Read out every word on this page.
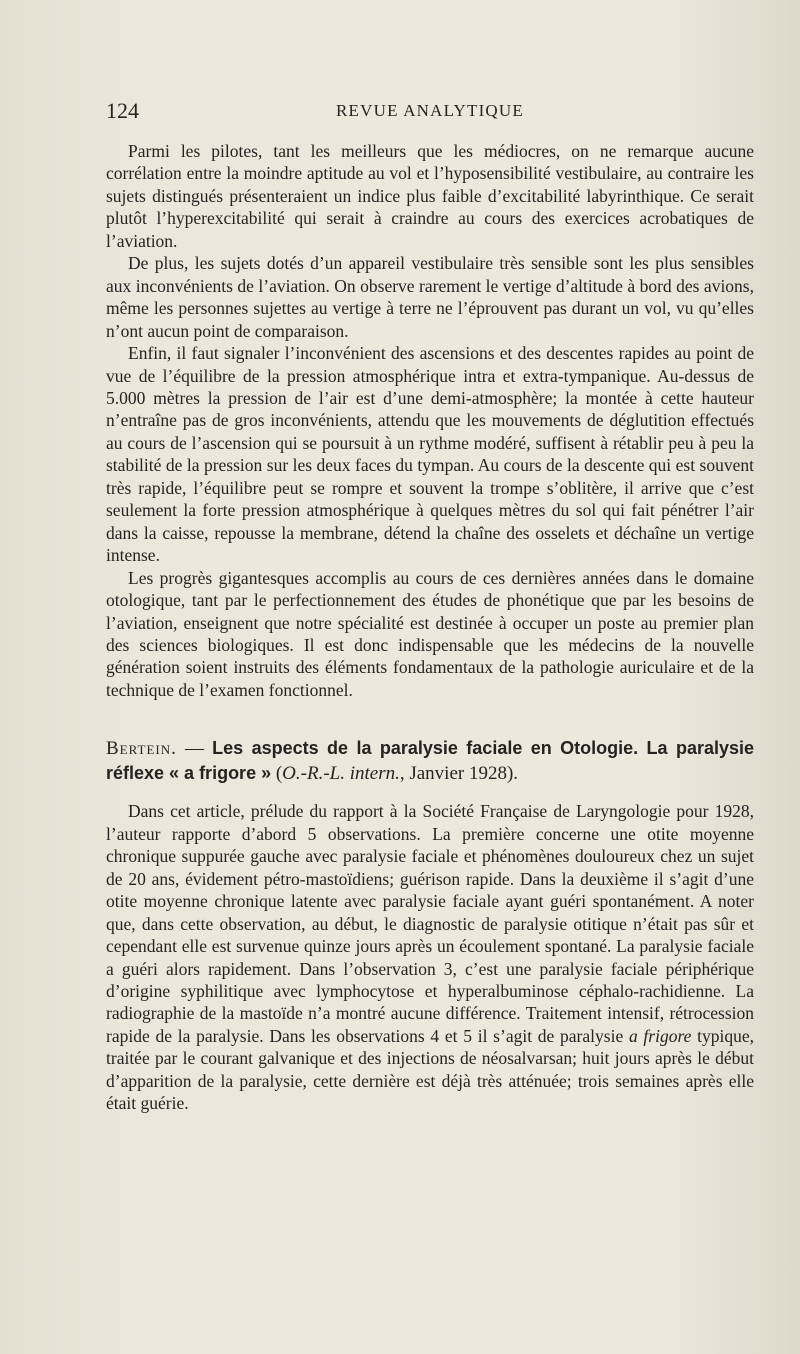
124	REVUE ANALYTIQUE

Parmi les pilotes, tant les meilleurs que les médiocres, on ne remarque aucune corrélation entre la moindre aptitude au vol et l’hyposensibilité vestibulaire, au contraire les sujets distingués présenteraient un indice plus faible d’excitabilité labyrinthique. Ce serait plutôt l’hyperexcitabilité qui serait à craindre au cours des exercices acrobatiques de l’aviation.

De plus, les sujets dotés d’un appareil vestibulaire très sensible sont les plus sensibles aux inconvénients de l’aviation. On observe rarement le vertige d’altitude à bord des avions, même les personnes sujettes au vertige à terre ne l’éprouvent pas durant un vol, vu qu’elles n’ont aucun point de comparaison.

Enfin, il faut signaler l’inconvénient des ascensions et des descentes rapides au point de vue de l’équilibre de la pression atmosphérique intra et extra-tympanique. Au-dessus de 5.000 mètres la pression de l’air est d’une demi-atmosphère; la montée à cette hauteur n’entraîne pas de gros inconvénients, attendu que les mouvements de déglutition effectués au cours de l’ascension qui se poursuit à un rythme modéré, suffisent à rétablir peu à peu la stabilité de la pression sur les deux faces du tympan. Au cours de la descente qui est souvent très rapide, l’équilibre peut se rompre et souvent la trompe s’oblitère, il arrive que c’est seulement la forte pression atmosphérique à quelques mètres du sol qui fait pénétrer l’air dans la caisse, repousse la membrane, détend la chaîne des osselets et déchaîne un vertige intense.

Les progrès gigantesques accomplis au cours de ces dernières années dans le domaine otologique, tant par le perfectionnement des études de phonétique que par les besoins de l’aviation, enseignent que notre spécialité est destinée à occuper un poste au premier plan des sciences biologiques. Il est donc indispensable que les médecins de la nouvelle génération soient instruits des éléments fondamentaux de la pathologie auriculaire et de la technique de l’examen fonctionnel.

Bertein. — Les aspects de la paralysie faciale en Otologie. La paralysie réflexe « a frigore » (O.-R.-L. intern., Janvier 1928).

Dans cet article, prélude du rapport à la Société Française de Laryngologie pour 1928, l’auteur rapporte d’abord 5 observations. La première concerne une otite moyenne chronique suppurée gauche avec paralysie faciale et phénomènes douloureux chez un sujet de 20 ans, évidement pétro-mastoïdiens; guérison rapide. Dans la deuxième il s’agit d’une otite moyenne chronique latente avec paralysie faciale ayant guéri spontanément. A noter que, dans cette observation, au début, le diagnostic de paralysie otitique n’était pas sûr et cependant elle est survenue quinze jours après un écoulement spontané. La paralysie faciale a guéri alors rapidement. Dans l’observation 3, c’est une paralysie faciale périphérique d’origine syphilitique avec lymphocytose et hyperalbuminose céphalo-rachidienne. La radiographie de la mastoïde n’a montré aucune différence. Traitement intensif, rétrocession rapide de la paralysie. Dans les observations 4 et 5 il s’agit de paralysie a frigore typique, traitée par le courant galvanique et des injections de néosalvarsan; huit jours après le début d’apparition de la paralysie, cette dernière est déjà très atténuée; trois semaines après elle était guérie.
